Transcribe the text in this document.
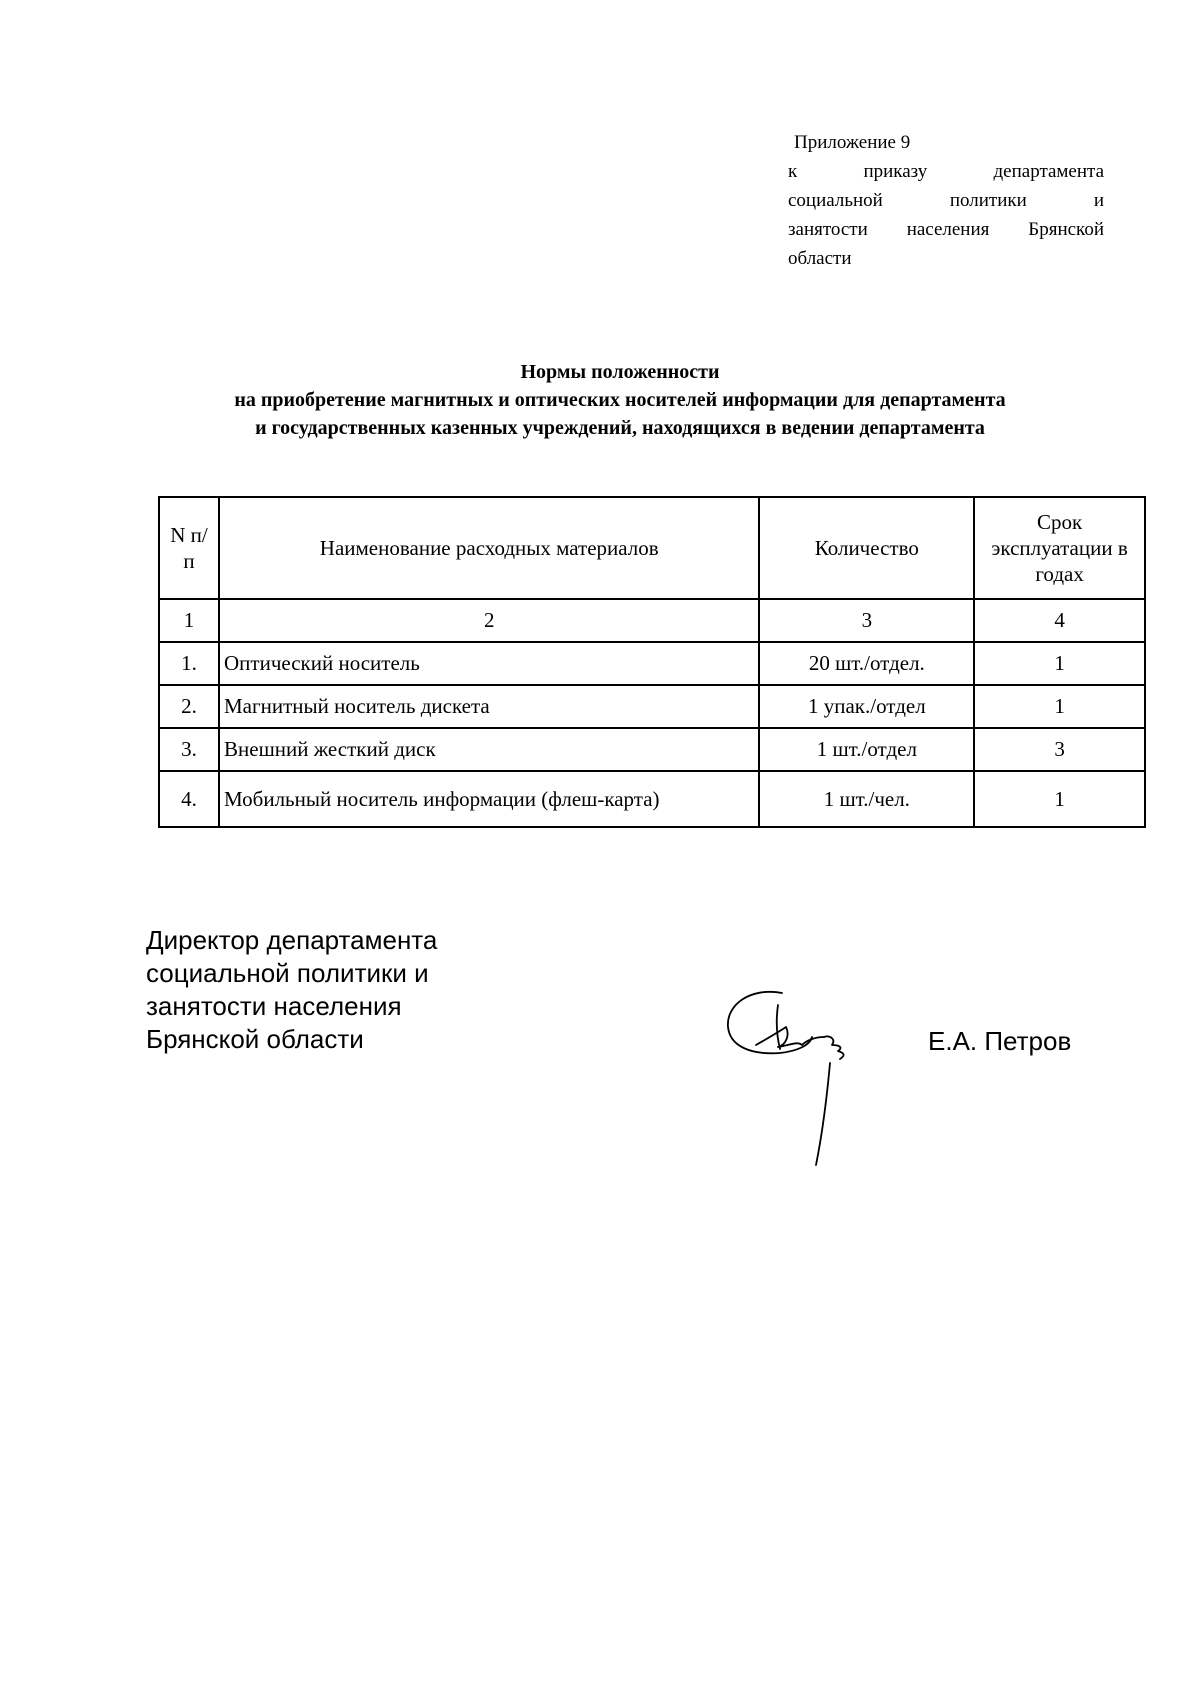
Приложение 9
к приказу департамента
социальной политики и
занятости населения Брянской
области
Нормы положенности
на приобретение магнитных и оптических носителей информации для департамента
и государственных казенных учреждений, находящихся в ведении департамента
N п/п	Наименование расходных материалов	Количество	Срок эксплуатации в годах
1	2	3	4
1.	Оптический носитель	20 шт./отдел.	1
2.	Магнитный носитель дискета	1 упак./отдел	1
3.	Внешний жесткий диск	1 шт./отдел	3
4.	Мобильный носитель информации (флеш-карта)	1 шт./чел.	1
Директор департамента
социальной политики и
занятости населения
Брянской области	Е.А. Петров
